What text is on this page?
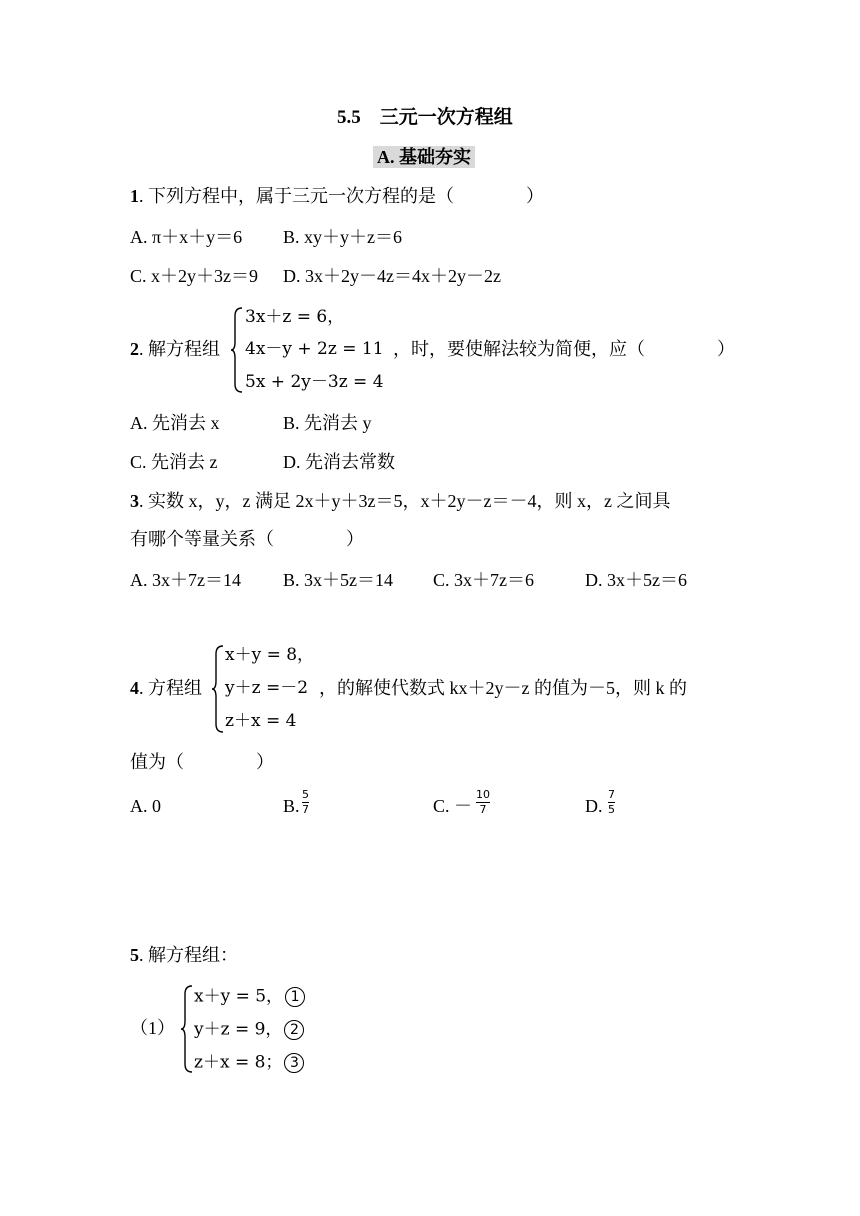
5.5　三元一次方程组
A. 基础夯实
1. 下列方程中，属于三元一次方程的是（　　　　）
A. π＋x＋y＝6 B. xy＋y＋z＝6
C. x＋2y＋3z＝9 D. 3x＋2y－4z＝4x＋2y－2z
2. 解方程组
3x＋z = 6，
4x－y + 2z = 11
5x + 2y－3z = 4
，时，要使解法较为简便，应（　　　　）
A. 先消去 x	B. 先消去 y
C. 先消去 z	D. 先消去常数
3. 实数 x，y，z 满足 2x＋y＋3z＝5，x＋2y－z＝－4，则 x，z 之间具
有哪个等量关系（　　　　）
A. 3x＋7z＝14 B. 3x＋5z＝14 C. 3x＋7z＝6	D. 3x＋5z＝6
4. 方程组
x＋y = 8，
y＋z =－2
z＋x = 4
，的解使代数式 kx＋2y－z 的值为－5，则 k 的
值为（　　　　）
A. 0	B.
5
7	C. －
10
7	D.
7
5
5. 解方程组：
（1）
x＋y = 5， 1
y＋z = 9， 2
z＋x = 8； 3
